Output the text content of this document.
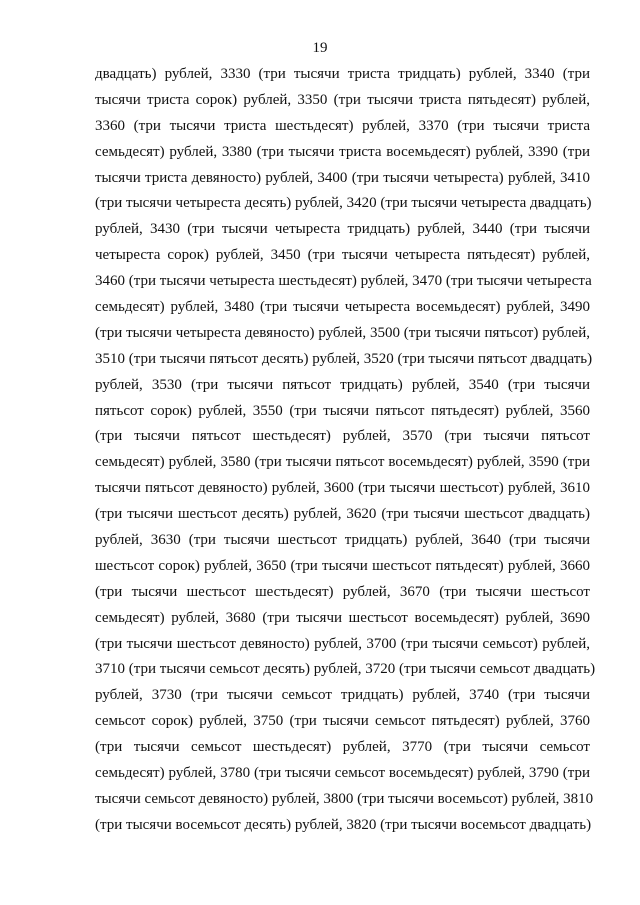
19
двадцать) рублей, 3330 (три тысячи триста тридцать) рублей, 3340 (три
тысячи триста сорок) рублей, 3350 (три тысячи триста пятьдесят) рублей,
3360 (три тысячи триста шестьдесят) рублей, 3370 (три тысячи триста
семьдесят) рублей, 3380 (три тысячи триста восемьдесят) рублей, 3390 (три
тысячи триста девяносто) рублей, 3400 (три тысячи четыреста) рублей, 3410
(три тысячи четыреста десять) рублей, 3420 (три тысячи четыреста двадцать)
рублей, 3430 (три тысячи четыреста тридцать) рублей, 3440 (три тысячи
четыреста сорок) рублей, 3450 (три тысячи четыреста пятьдесят) рублей,
3460 (три тысячи четыреста шестьдесят) рублей, 3470 (три тысячи четыреста
семьдесят) рублей, 3480 (три тысячи четыреста восемьдесят) рублей, 3490
(три тысячи четыреста девяносто) рублей, 3500 (три тысячи пятьсот) рублей,
3510 (три тысячи пятьсот десять) рублей, 3520 (три тысячи пятьсот двадцать)
рублей, 3530 (три тысячи пятьсот тридцать) рублей, 3540 (три тысячи
пятьсот сорок) рублей, 3550 (три тысячи пятьсот пятьдесят) рублей, 3560
(три тысячи пятьсот шестьдесят) рублей, 3570 (три тысячи пятьсот
семьдесят) рублей, 3580 (три тысячи пятьсот восемьдесят) рублей, 3590 (три
тысячи пятьсот девяносто) рублей, 3600 (три тысячи шестьсот) рублей, 3610
(три тысячи шестьсот десять) рублей, 3620 (три тысячи шестьсот двадцать)
рублей, 3630 (три тысячи шестьсот тридцать) рублей, 3640 (три тысячи
шестьсот сорок) рублей, 3650 (три тысячи шестьсот пятьдесят) рублей, 3660
(три тысячи шестьсот шестьдесят) рублей, 3670 (три тысячи шестьсот
семьдесят) рублей, 3680 (три тысячи шестьсот восемьдесят) рублей, 3690
(три тысячи шестьсот девяносто) рублей, 3700 (три тысячи семьсот) рублей,
3710 (три тысячи семьсот десять) рублей, 3720 (три тысячи семьсот двадцать)
рублей, 3730 (три тысячи семьсот тридцать) рублей, 3740 (три тысячи
семьсот сорок) рублей, 3750 (три тысячи семьсот пятьдесят) рублей, 3760
(три тысячи семьсот шестьдесят) рублей, 3770 (три тысячи семьсот
семьдесят) рублей, 3780 (три тысячи семьсот восемьдесят) рублей, 3790 (три
тысячи семьсот девяносто) рублей, 3800 (три тысячи восемьсот) рублей, 3810
(три тысячи восемьсот десять) рублей, 3820 (три тысячи восемьсот двадцать)
